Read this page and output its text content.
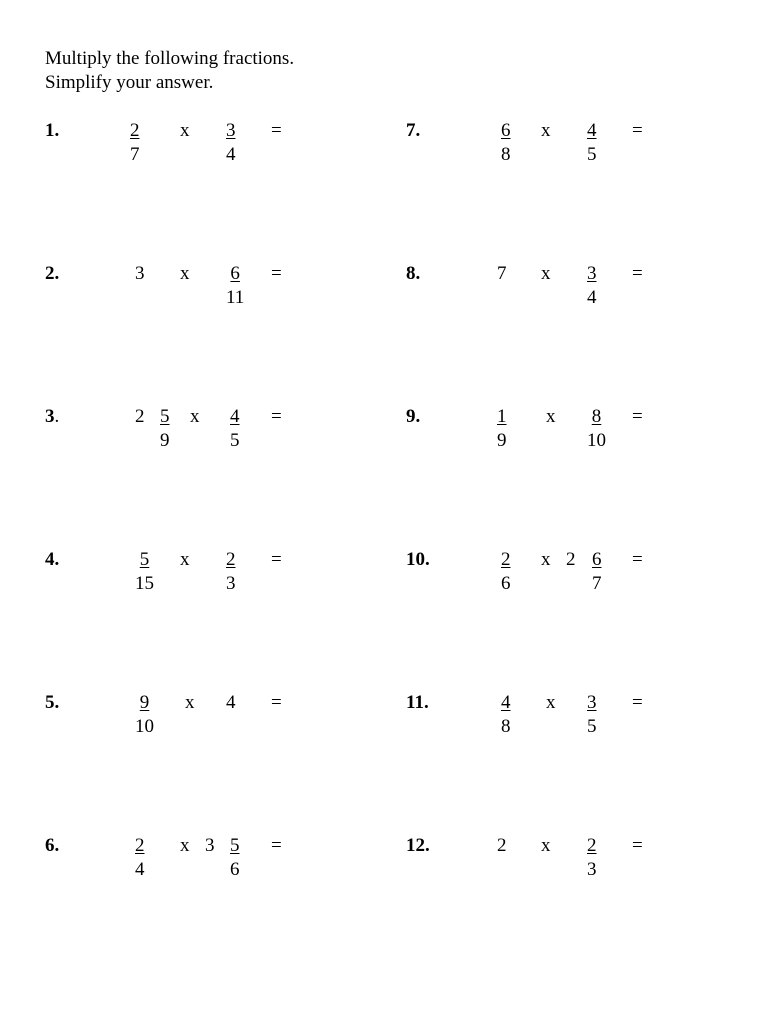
Multiply the following fractions.
Simplify your answer.
1.	$\frac{2}{7}$ x $\frac{3}{4}$ =
2.	3 x $\frac{6}{11}$ =
3.	$2 \frac{5}{9}$ x $\frac{4}{5}$ =
4.	$\frac{5}{15}$ x $\frac{2}{3}$ =
5.	$\frac{9}{10}$ x 4 =
6.	$\frac{2}{4}$ x $3 \frac{5}{6}$ =
7.	$\frac{6}{8}$ x $\frac{4}{5}$ =
8.	7 x $\frac{3}{4}$ =
9.	$\frac{1}{9}$ x $\frac{8}{10}$ =
10.	$\frac{2}{6}$ x $2 \frac{6}{7}$ =
11.	$\frac{4}{8}$ x $\frac{3}{5}$ =
12.	2 x $\frac{2}{3}$ =
